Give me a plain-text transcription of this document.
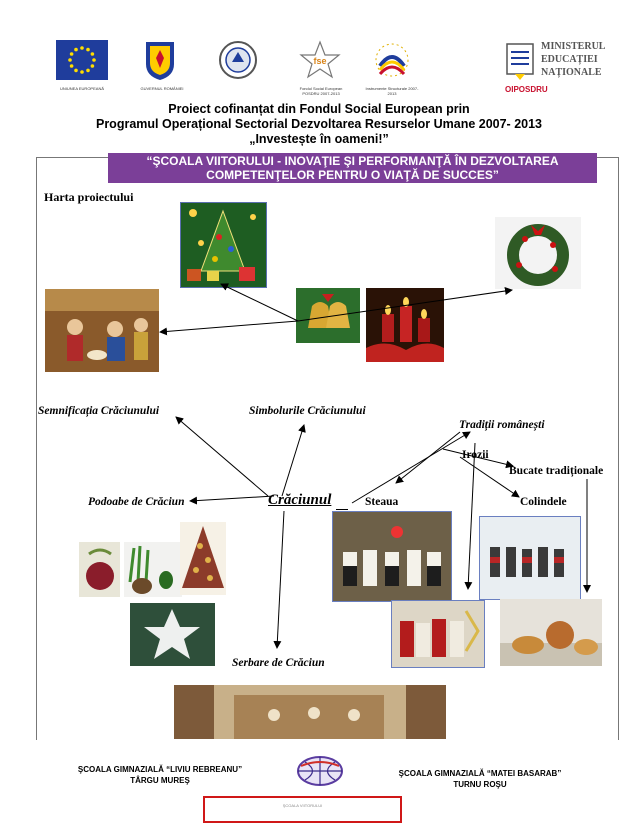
UNIUNEA EUROPEANĂ	GUVERNUL ROMÂNIEI
fse
Fondul Social European POSDRU 2007-2013
Instrumente Structurale 2007-2013
MINISTERUL EDUCAȚIEI NAȚIONALE
OIPOSDRU
Proiect cofinanțat din Fondul Social European prin
Programul Operațional Sectorial Dezvoltarea Resurselor Umane 2007- 2013
„Investește în oameni!”
“ŞCOALA VIITORULUI - INOVAŢIE ŞI PERFORMANŢĂ ÎN DEZVOLTAREA COMPETENŢELOR PENTRU O VIAŢĂ DE SUCCES”
Harta proiectului
Semnificația Crăciunului	Simbolurile Crăciunului
Tradiții românești
Irozii
Bucate tradiționale
Podoabe de Crăciun	Crăciunul	Steaua	Colindele
Serbare de Crăciun
ŞCOALA GIMNAZIALĂ “LIVIU REBREANU”
TÂRGU MUREŞ
ŞCOALA GIMNAZIALĂ “MATEI BASARAB”
TURNU ROŞU
ŞCOALA VIITORULUI
